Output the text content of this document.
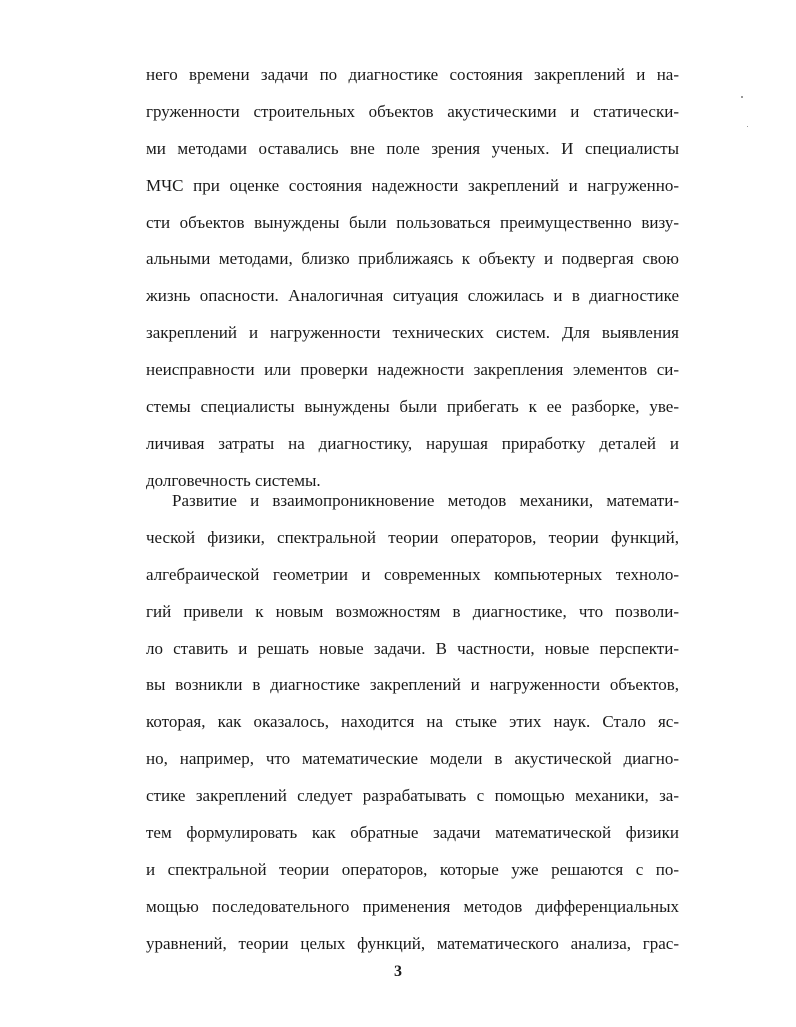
него времени задачи по диагностике состояния закреплений и на-
груженности строительных объектов акустическими и статически-
ми методами оставались вне поле зрения ученых. И специалисты
МЧС при оценке состояния надежности закреплений и нагруженно-
сти объектов вынуждены были пользоваться преимущественно визу-
альными методами, близко приближаясь к объекту и подвергая свою
жизнь опасности. Аналогичная ситуация сложилась и в диагностике
закреплений и нагруженности технических систем. Для выявления
неисправности или проверки надежности закрепления элементов си-
стемы специалисты вынуждены были прибегать к ее разборке, уве-
личивая затраты на диагностику, нарушая приработку деталей и
долговечность системы.
Развитие и взаимопроникновение методов механики, математи-
ческой физики, спектральной теории операторов, теории функций,
алгебраической геометрии и современных компьютерных техноло-
гий привели к новым возможностям в диагностике, что позволи-
ло ставить и решать новые задачи. В частности, новые перспекти-
вы возникли в диагностике закреплений и нагруженности объектов,
которая, как оказалось, находится на стыке этих наук. Стало яс-
но, например, что математические модели в акустической диагно-
стике закреплений следует разрабатывать с помощью механики, за-
тем формулировать как обратные задачи математической физики
и спектральной теории операторов, которые уже решаются с по-
мощью последовательного применения методов дифференциальных
уравнений, теории целых функций, математического анализа, грас-
3
